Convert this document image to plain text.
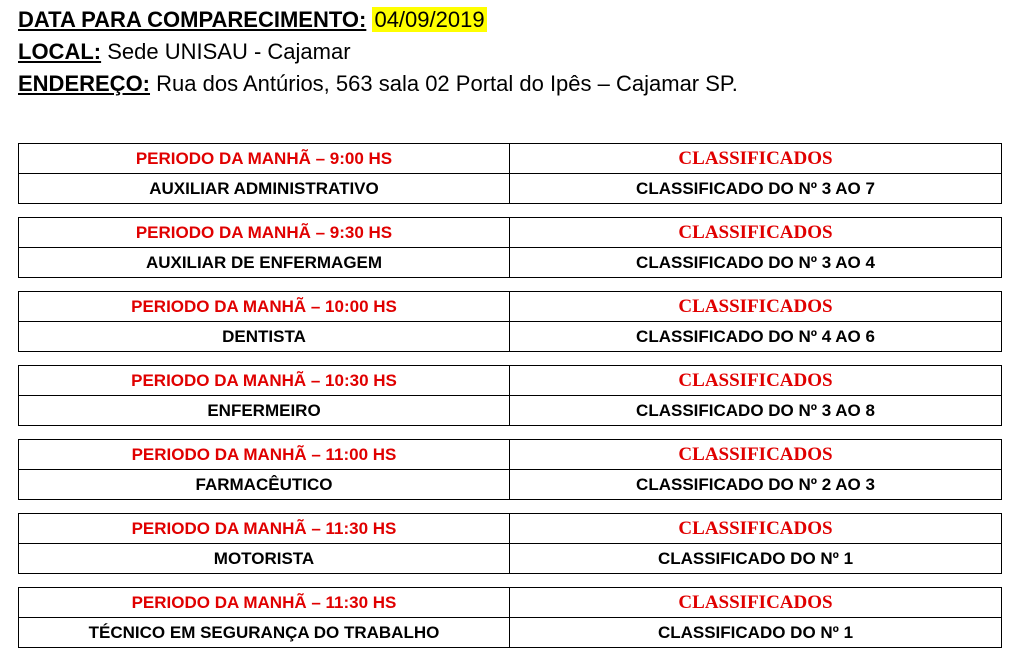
DATA PARA COMPARECIMENTO: 04/09/2019
LOCAL: Sede UNISAU - Cajamar
ENDEREÇO: Rua dos Antúrios, 563 sala 02 Portal do Ipês – Cajamar SP.
PERIODO DA MANHÃ – 9:00 HS	CLASSIFICADOS
AUXILIAR ADMINISTRATIVO	CLASSIFICADO DO Nº 3 AO 7
PERIODO DA MANHÃ – 9:30 HS	CLASSIFICADOS
AUXILIAR DE ENFERMAGEM	CLASSIFICADO DO Nº 3 AO 4
PERIODO DA MANHÃ – 10:00 HS	CLASSIFICADOS
DENTISTA	CLASSIFICADO DO Nº 4 AO 6
PERIODO DA MANHÃ – 10:30 HS	CLASSIFICADOS
ENFERMEIRO	CLASSIFICADO DO Nº 3 AO 8
PERIODO DA MANHÃ – 11:00 HS	CLASSIFICADOS
FARMACÊUTICO	CLASSIFICADO DO Nº 2 AO 3
PERIODO DA MANHÃ – 11:30 HS	CLASSIFICADOS
MOTORISTA	CLASSIFICADO DO Nº 1
PERIODO DA MANHÃ – 11:30 HS	CLASSIFICADOS
TÉCNICO EM SEGURANÇA DO TRABALHO	CLASSIFICADO DO Nº 1
